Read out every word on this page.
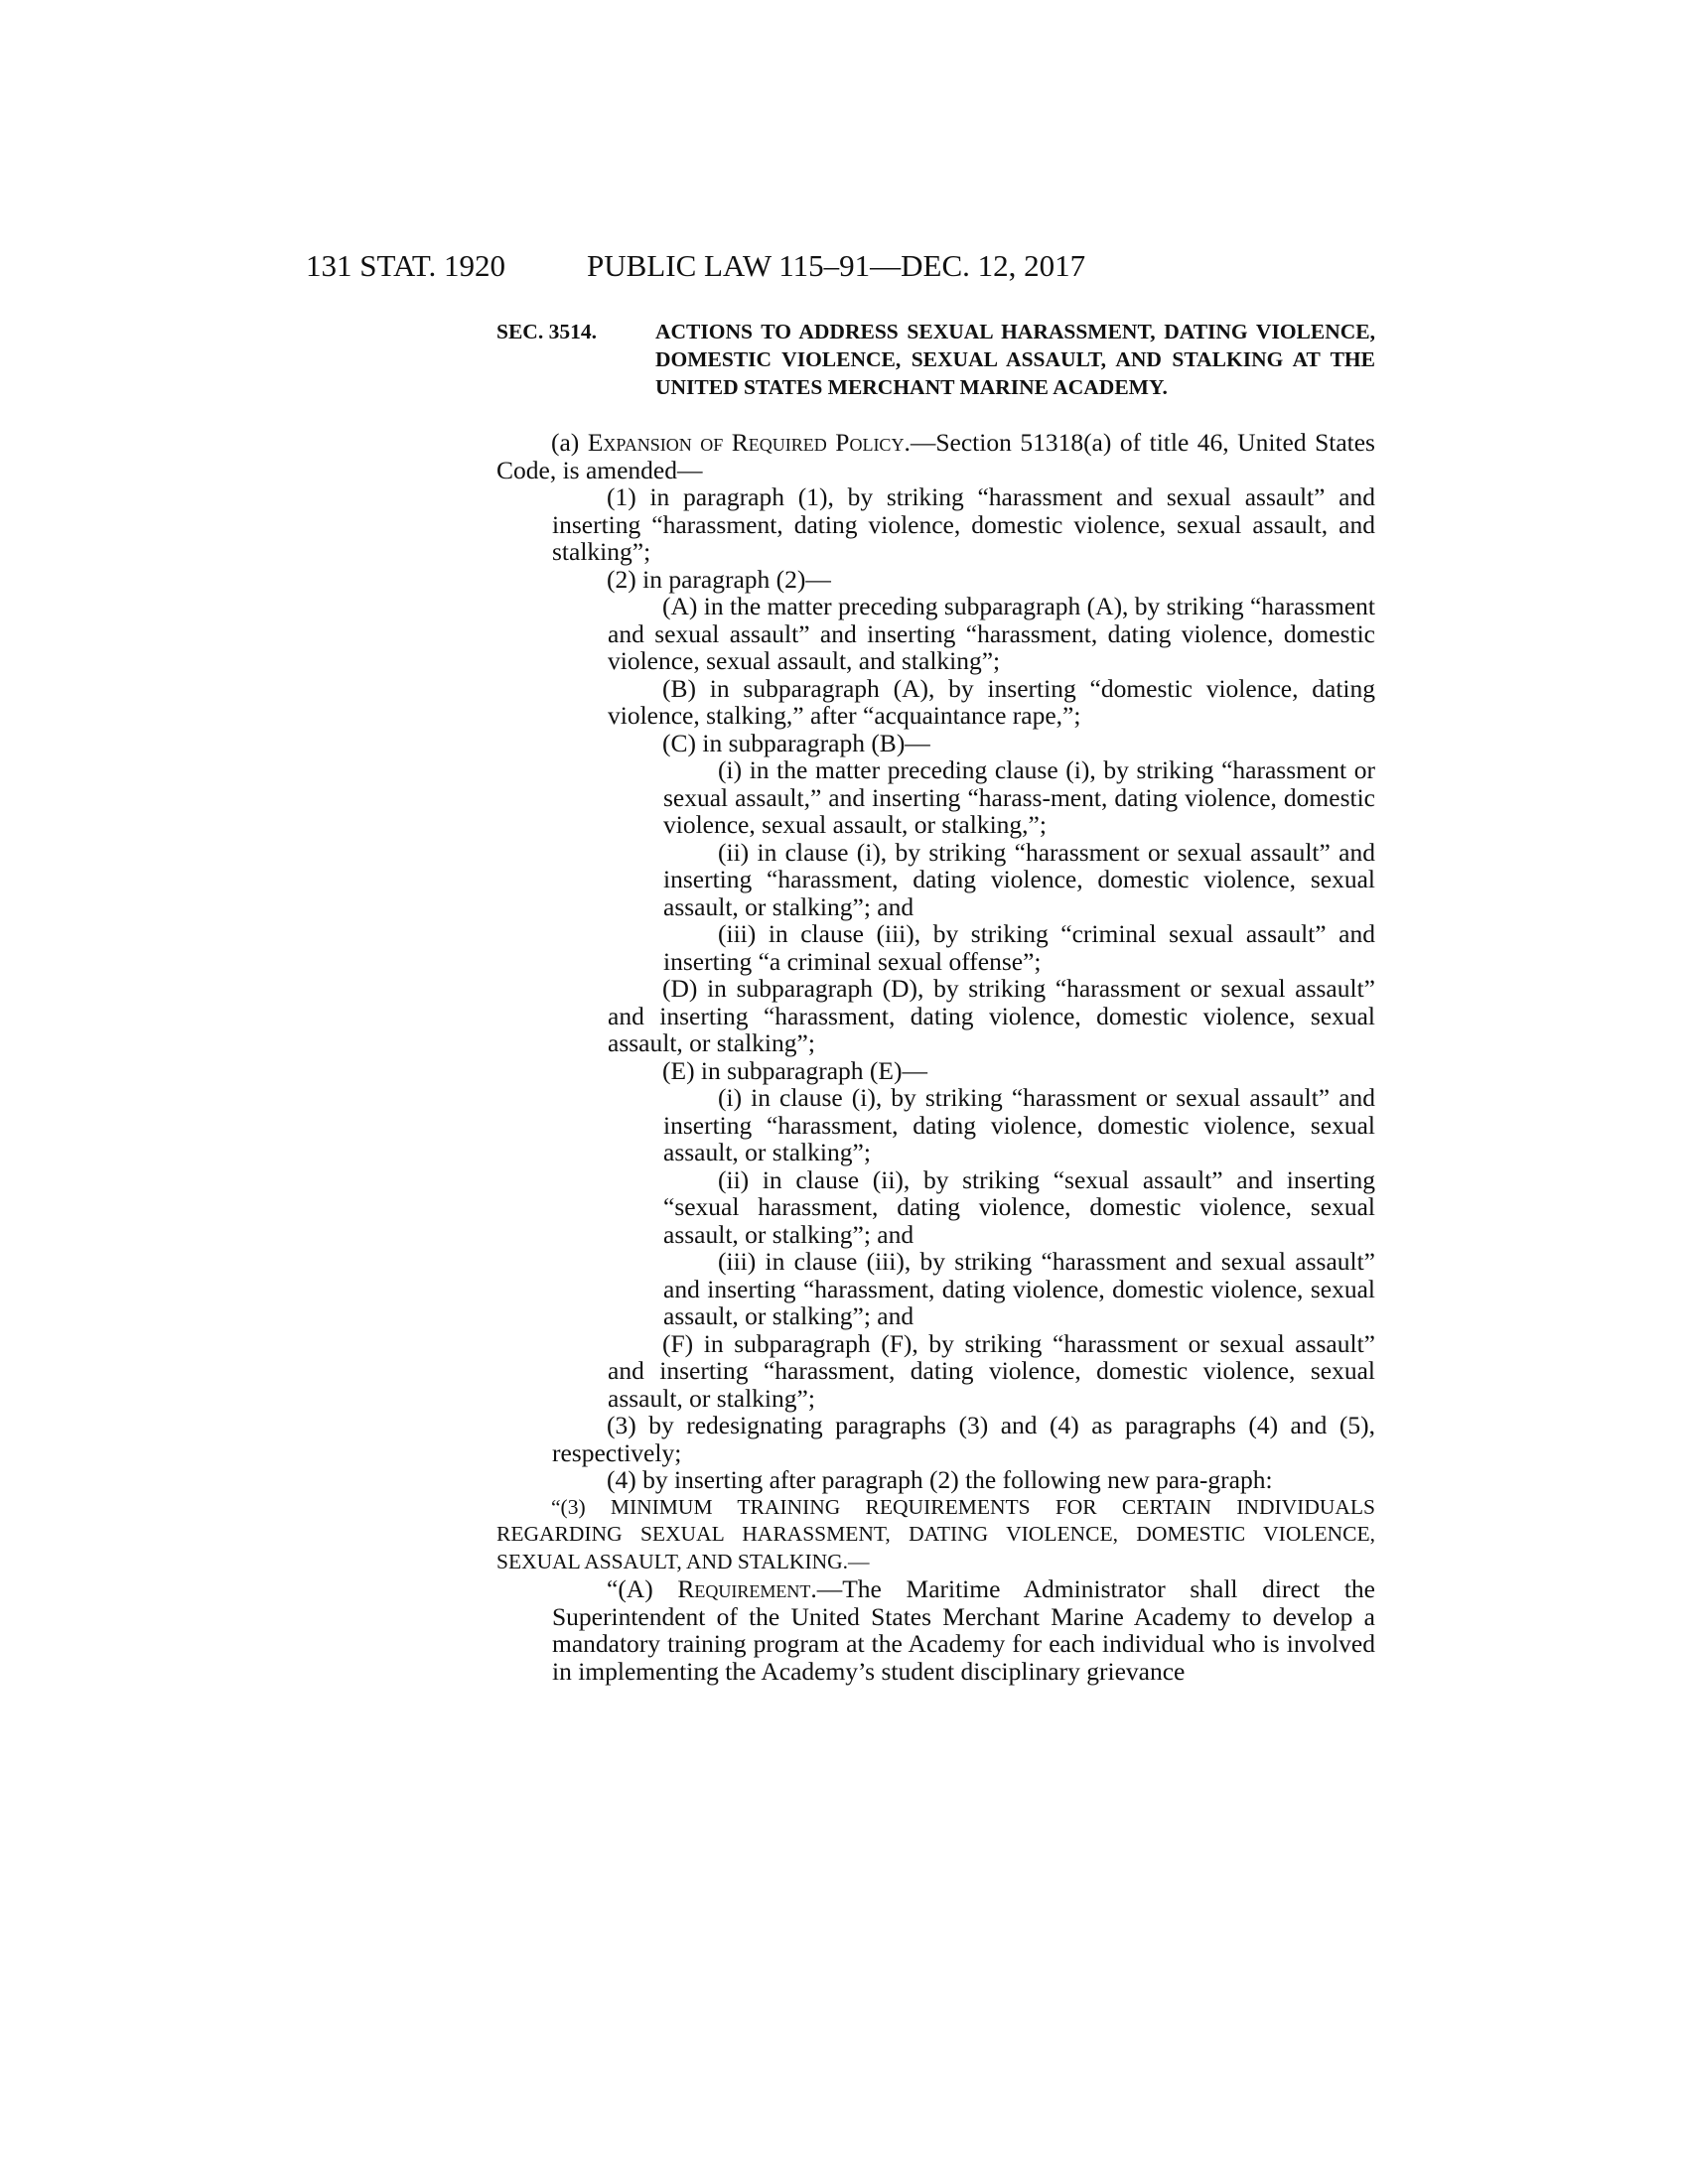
131 STAT. 1920	PUBLIC LAW 115–91—DEC. 12, 2017
SEC. 3514.	ACTIONS TO ADDRESS SEXUAL HARASSMENT, DATING VIOLENCE, DOMESTIC VIOLENCE, SEXUAL ASSAULT, AND STALKING AT THE UNITED STATES MERCHANT MARINE ACADEMY.

(a) Expansion of Required Policy.—Section 51318(a) of title 46, United States Code, is amended—

(1) in paragraph (1), by striking “harassment and sexual assault” and inserting “harassment, dating violence, domestic violence, sexual assault, and stalking”;

(2) in paragraph (2)—

(A) in the matter preceding subparagraph (A), by striking “harassment and sexual assault” and inserting “harassment, dating violence, domestic violence, sexual assault, and stalking”;

(B) in subparagraph (A), by inserting “domestic violence, dating violence, stalking,” after “acquaintance rape,”;

(C) in subparagraph (B)—

(i) in the matter preceding clause (i), by striking “harassment or sexual assault,” and inserting “harass-ment, dating violence, domestic violence, sexual assault, or stalking,”;

(ii) in clause (i), by striking “harassment or sexual assault” and inserting “harassment, dating violence, domestic violence, sexual assault, or stalking”; and

(iii) in clause (iii), by striking “criminal sexual assault” and inserting “a criminal sexual offense”;

(D) in subparagraph (D), by striking “harassment or sexual assault” and inserting “harassment, dating violence, domestic violence, sexual assault, or stalking”;

(E) in subparagraph (E)—

(i) in clause (i), by striking “harassment or sexual assault” and inserting “harassment, dating violence, domestic violence, sexual assault, or stalking”;

(ii) in clause (ii), by striking “sexual assault” and inserting “sexual harassment, dating violence, domestic violence, sexual assault, or stalking”; and

(iii) in clause (iii), by striking “harassment and sexual assault” and inserting “harassment, dating violence, domestic violence, sexual assault, or stalking”; and

(F) in subparagraph (F), by striking “harassment or sexual assault” and inserting “harassment, dating violence, domestic violence, sexual assault, or stalking”;

(3) by redesignating paragraphs (3) and (4) as paragraphs (4) and (5), respectively;

(4) by inserting after paragraph (2) the following new para-graph:

“(3) MINIMUM TRAINING REQUIREMENTS FOR CERTAIN INDIVIDUALS REGARDING SEXUAL HARASSMENT, DATING VIOLENCE, DOMESTIC VIOLENCE, SEXUAL ASSAULT, AND STALKING.—

“(A) Requirement.—The Maritime Administrator shall direct the Superintendent of the United States Merchant Marine Academy to develop a mandatory training program at the Academy for each individual who is involved in implementing the Academy’s student disciplinary grievance
